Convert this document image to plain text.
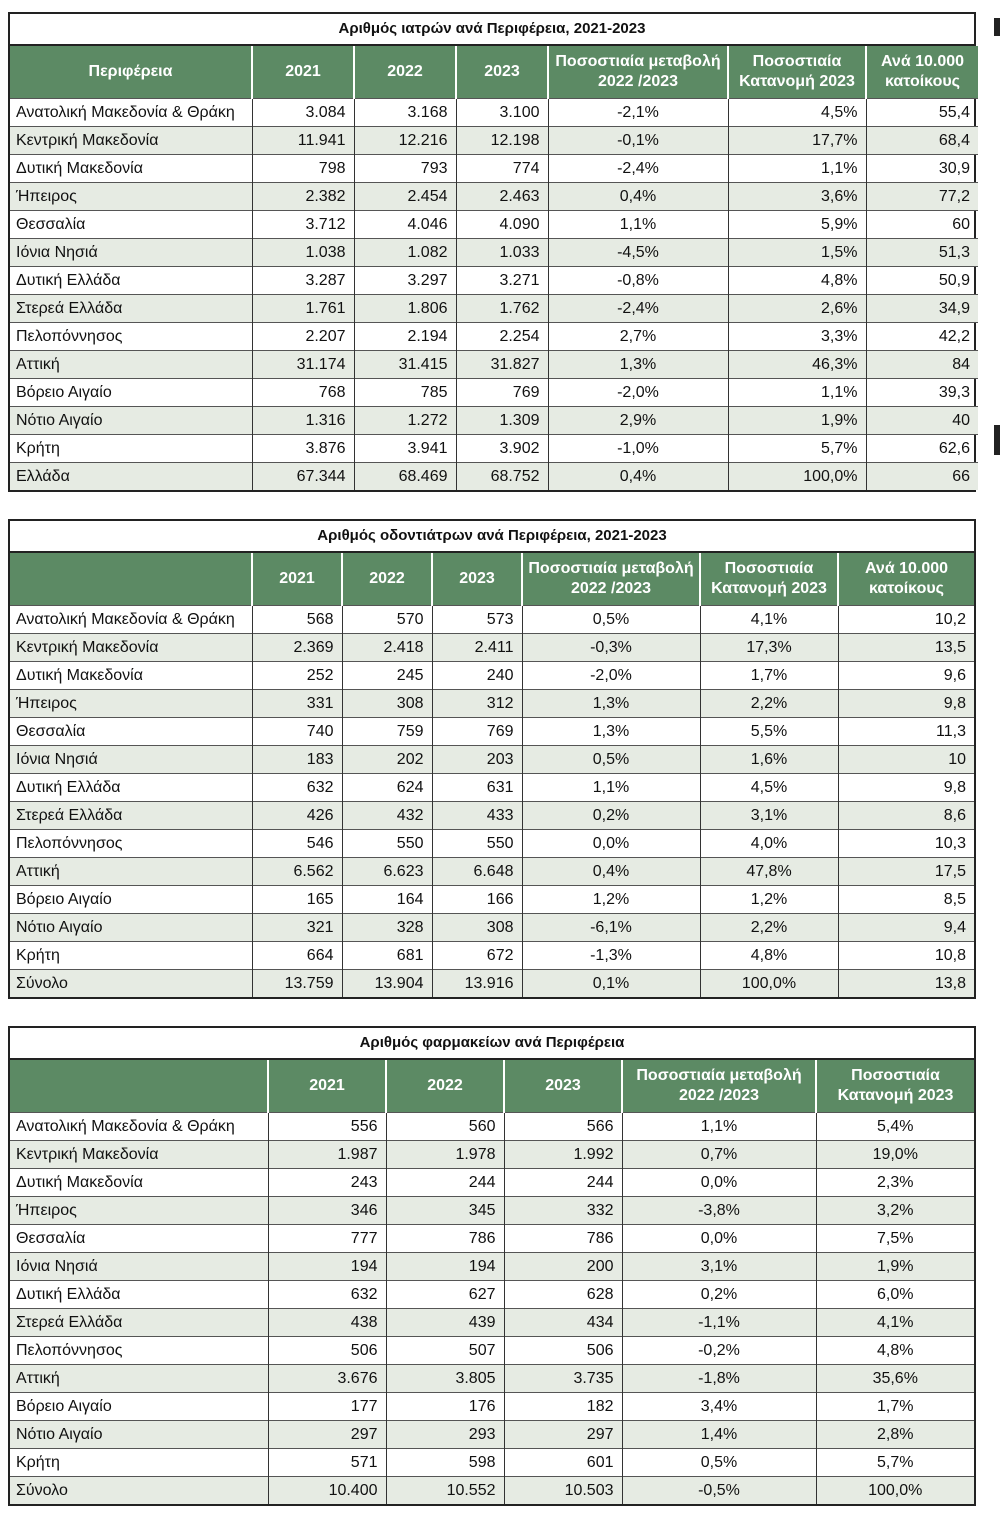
Αριθμός ιατρών ανά Περιφέρεια, 2021-2023
Περιφέρεια	2021	2022	2023	Ποσοστιαία μεταβολή 2022 /2023	Ποσοστιαία Κατανομή 2023	Ανά 10.000 κατοίκους
Ανατολική Μακεδονία & Θράκη	3.084	3.168	3.100	-2,1%	4,5%	55,4
Κεντρική Μακεδονία	11.941	12.216	12.198	-0,1%	17,7%	68,4
Δυτική Μακεδονία	798	793	774	-2,4%	1,1%	30,9
Ήπειρος	2.382	2.454	2.463	0,4%	3,6%	77,2
Θεσσαλία	3.712	4.046	4.090	1,1%	5,9%	60
Ιόνια Νησιά	1.038	1.082	1.033	-4,5%	1,5%	51,3
Δυτική Ελλάδα	3.287	3.297	3.271	-0,8%	4,8%	50,9
Στερεά Ελλάδα	1.761	1.806	1.762	-2,4%	2,6%	34,9
Πελοπόννησος	2.207	2.194	2.254	2,7%	3,3%	42,2
Αττική	31.174	31.415	31.827	1,3%	46,3%	84
Βόρειο Αιγαίο	768	785	769	-2,0%	1,1%	39,3
Νότιο Αιγαίο	1.316	1.272	1.309	2,9%	1,9%	40
Κρήτη	3.876	3.941	3.902	-1,0%	5,7%	62,6
Ελλάδα	67.344	68.469	68.752	0,4%	100,0%	66
Αριθμός οδοντιάτρων ανά Περιφέρεια, 2021-2023
	2021	2022	2023	Ποσοστιαία μεταβολή 2022 /2023	Ποσοστιαία Κατανομή 2023	Ανά 10.000 κατοίκους
Ανατολική Μακεδονία & Θράκη	568	570	573	0,5%	4,1%	10,2
Κεντρική Μακεδονία	2.369	2.418	2.411	-0,3%	17,3%	13,5
Δυτική Μακεδονία	252	245	240	-2,0%	1,7%	9,6
Ήπειρος	331	308	312	1,3%	2,2%	9,8
Θεσσαλία	740	759	769	1,3%	5,5%	11,3
Ιόνια Νησιά	183	202	203	0,5%	1,6%	10
Δυτική Ελλάδα	632	624	631	1,1%	4,5%	9,8
Στερεά Ελλάδα	426	432	433	0,2%	3,1%	8,6
Πελοπόννησος	546	550	550	0,0%	4,0%	10,3
Αττική	6.562	6.623	6.648	0,4%	47,8%	17,5
Βόρειο Αιγαίο	165	164	166	1,2%	1,2%	8,5
Νότιο Αιγαίο	321	328	308	-6,1%	2,2%	9,4
Κρήτη	664	681	672	-1,3%	4,8%	10,8
Σύνολο	13.759	13.904	13.916	0,1%	100,0%	13,8
Αριθμός φαρμακείων ανά Περιφέρεια
	2021	2022	2023	Ποσοστιαία μεταβολή 2022 /2023	Ποσοστιαία Κατανομή 2023
Ανατολική Μακεδονία & Θράκη	556	560	566	1,1%	5,4%
Κεντρική Μακεδονία	1.987	1.978	1.992	0,7%	19,0%
Δυτική Μακεδονία	243	244	244	0,0%	2,3%
Ήπειρος	346	345	332	-3,8%	3,2%
Θεσσαλία	777	786	786	0,0%	7,5%
Ιόνια Νησιά	194	194	200	3,1%	1,9%
Δυτική Ελλάδα	632	627	628	0,2%	6,0%
Στερεά Ελλάδα	438	439	434	-1,1%	4,1%
Πελοπόννησος	506	507	506	-0,2%	4,8%
Αττική	3.676	3.805	3.735	-1,8%	35,6%
Βόρειο Αιγαίο	177	176	182	3,4%	1,7%
Νότιο Αιγαίο	297	293	297	1,4%	2,8%
Κρήτη	571	598	601	0,5%	5,7%
Σύνολο	10.400	10.552	10.503	-0,5%	100,0%
